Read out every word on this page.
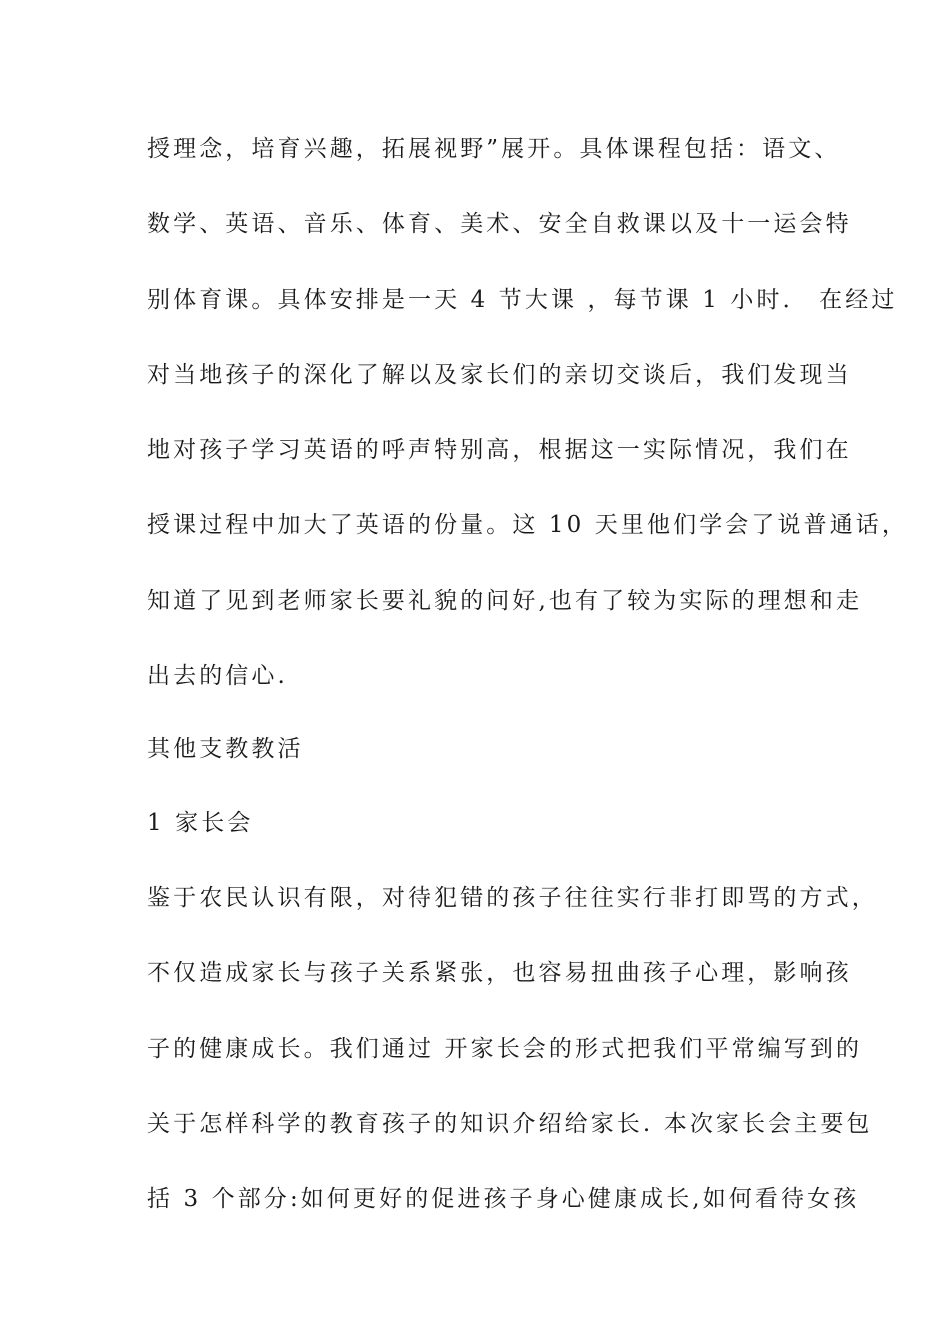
授理念，培育兴趣，拓展视野”展开。具体课程包括：语文、
数学、英语、音乐、体育、美术、安全自救课以及十一运会特
别体育课。具体安排是一天 4 节大课 ，每节课 1 小时． 在经过
对当地孩子的深化了解以及家长们的亲切交谈后，我们发现当
地对孩子学习英语的呼声特别高，根据这一实际情况，我们在
授课过程中加大了英语的份量。这 10 天里他们学会了说普通话，
知道了见到老师家长要礼貌的问好,也有了较为实际的理想和走
出去的信心.
其他支教教活
1 家长会
鉴于农民认识有限，对待犯错的孩子往往实行非打即骂的方式，
不仅造成家长与孩子关系紧张，也容易扭曲孩子心理，影响孩
子的健康成长。我们通过 开家长会的形式把我们平常编写到的
关于怎样科学的教育孩子的知识介绍给家长. 本次家长会主要包
括 3 个部分:如何更好的促进孩子身心健康成长,如何看待女孩
